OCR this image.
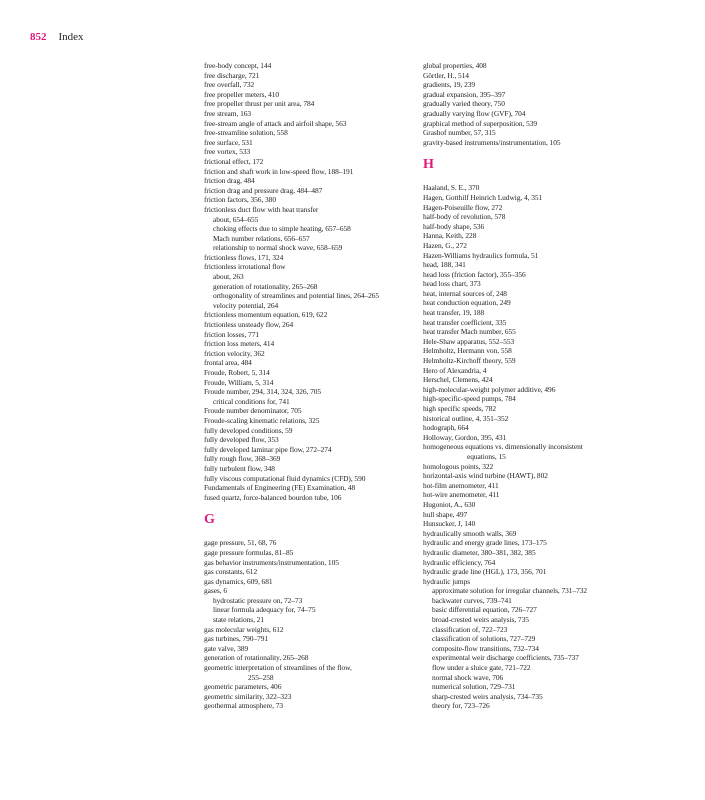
852 Index
free-body concept, 144
free discharge, 721
free overfall, 732
free propeller meters, 410
free propeller thrust per unit area, 784
free stream, 163
free-stream angle of attack and airfoil shape, 563
free-streamline solution, 558
free surface, 531
free vortex, 533
frictional effect, 172
friction and shaft work in low-speed flow, 188–191
friction drag, 484
friction drag and pressure drag, 484–487
friction factors, 356, 380
frictionless duct flow with heat transfer
about, 654–655
choking effects due to simple heating, 657–658
Mach number relations, 656–657
relationship to normal shock wave, 658–659
frictionless flows, 171, 324
frictionless irrotational flow
about, 263
generation of rotationality, 265–268
orthogonality of streamlines and potential lines, 264–265
velocity potential, 264
frictionless momentum equation, 619, 622
frictionless unsteady flow, 264
friction losses, 771
friction loss meters, 414
friction velocity, 362
frontal area, 484
Froude, Robert, 5, 314
Froude, William, 5, 314
Froude number, 294, 314, 324, 326, 705
critical conditions for, 741
Froude number denominator, 705
Froude-scaling kinematic relations, 325
fully developed conditions, 59
fully developed flow, 353
fully developed laminar pipe flow, 272–274
fully rough flow, 368–369
fully turbulent flow, 348
fully viscous computational fluid dynamics (CFD), 590
Fundamentals of Engineering (FE) Examination, 48
fused quartz, force-balanced bourdon tube, 106
G
gage pressure, 51, 68, 76
gage pressure formulas, 81–85
gas behavior instruments/instrumentation, 105
gas constants, 612
gas dynamics, 609, 681
gases, 6
hydrostatic pressure on, 72–73
linear formula adequacy for, 74–75
state relations, 21
gas molecular weights, 612
gas turbines, 790–791
gate valve, 389
generation of rotationality, 265–268
geometric interpretation of streamlines of the flow,
255–258
geometric parameters, 406
geometric similarity, 322–323
geothermal atmosphere, 73
global properties, 408
Görtler, H., 514
gradients, 19, 239
gradual expansion, 395–397
gradually varied theory, 750
gradually varying flow (GVF), 704
graphical method of superposition, 539
Grashof number, 57, 315
gravity-based instruments/instrumentation, 105
H
Haaland, S. E., 370
Hagen, Gotthilf Heinrich Ludwig, 4, 351
Hagen-Poiseuille flow, 272
half-body of revolution, 578
half-body shape, 536
Hanna, Keith, 228
Hazen, G., 272
Hazen-Williams hydraulics formula, 51
head, 188, 341
head loss (friction factor), 355–356
head loss chart, 373
heat, internal sources of, 248
heat conduction equation, 249
heat transfer, 19, 188
heat transfer coefficient, 335
heat transfer Mach number, 655
Hele-Shaw apparatus, 552–553
Helmholtz, Hermann von, 558
Helmholtz-Kirchoff theory, 559
Hero of Alexandria, 4
Herschel, Clemens, 424
high-molecular-weight polymer additive, 496
high-specific-speed pumps, 784
high specific speeds, 782
historical outline, 4, 351–352
hodograph, 664
Holloway, Gordon, 395, 431
homogeneous equations vs. dimensionally inconsistent
equations, 15
homologous points, 322
horizontal-axis wind turbine (HAWT), 802
hot-film anemometer, 411
hot-wire anemometer, 411
Hugoniot, A., 630
hull shape, 497
Hunsucker, J, 140
hydraulically smooth walls, 369
hydraulic and energy grade lines, 173–175
hydraulic diameter, 380–381, 382, 385
hydraulic efficiency, 764
hydraulic grade line (HGL), 173, 356, 701
hydraulic jumps
approximate solution for irregular channels, 731–732
backwater curves, 739–741
basic differential equation, 726–727
broad-crested weirs analysis, 735
classification of, 722–723
classification of solutions, 727–729
composite-flow transitions, 732–734
experimental weir discharge coefficients, 735–737
flow under a sluice gate, 721–722
normal shock wave, 706
numerical solution, 729–731
sharp-crested weirs analysis, 734–735
theory for, 723–726
